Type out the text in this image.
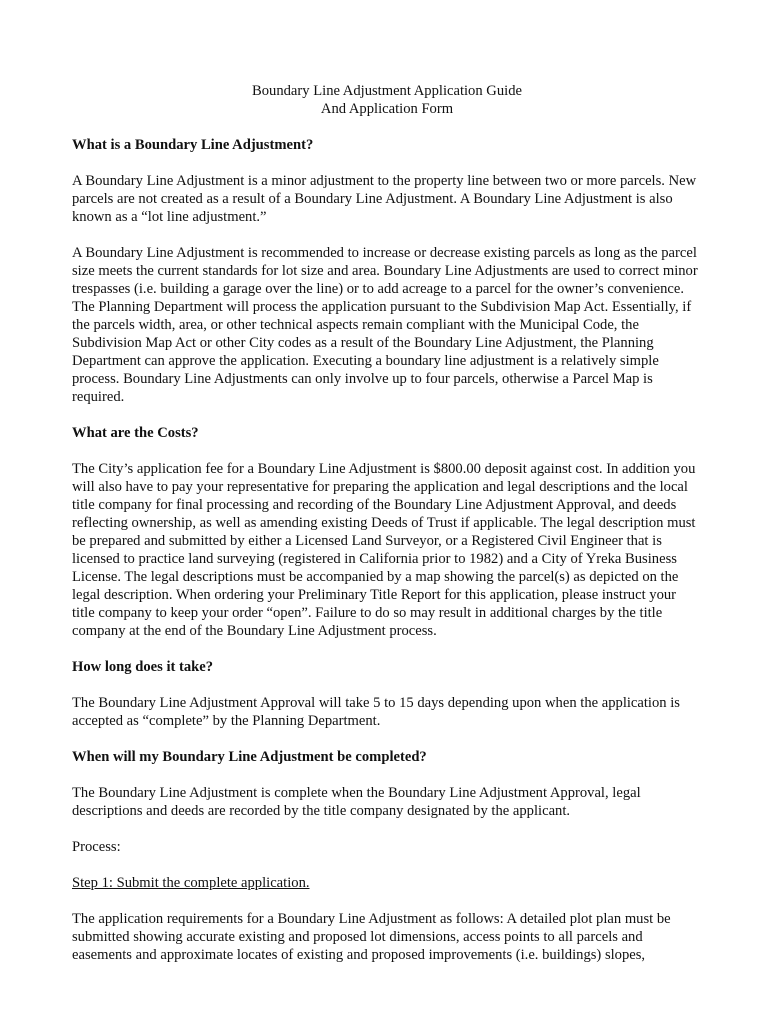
Boundary Line Adjustment Application Guide
And Application Form
What is a Boundary Line Adjustment?

A Boundary Line Adjustment is a minor adjustment to the property line between two or more parcels. New parcels are not created as a result of a Boundary Line Adjustment. A Boundary Line Adjustment is also known as a “lot line adjustment.”

A Boundary Line Adjustment is recommended to increase or decrease existing parcels as long as the parcel size meets the current standards for lot size and area. Boundary Line Adjustments are used to correct minor trespasses (i.e. building a garage over the line) or to add acreage to a parcel for the owner’s convenience. The Planning Department will process the application pursuant to the Subdivision Map Act. Essentially, if the parcels width, area, or other technical aspects remain compliant with the Municipal Code, the Subdivision Map Act or other City codes as a result of the Boundary Line Adjustment, the Planning Department can approve the application. Executing a boundary line adjustment is a relatively simple process. Boundary Line Adjustments can only involve up to four parcels, otherwise a Parcel Map is required.

What are the Costs?

The City’s application fee for a Boundary Line Adjustment is $800.00 deposit against cost. In addition you will also have to pay your representative for preparing the application and legal descriptions and the local title company for final processing and recording of the Boundary Line Adjustment Approval, and deeds reflecting ownership, as well as amending existing Deeds of Trust if applicable. The legal description must be prepared and submitted by either a Licensed Land Surveyor, or a Registered Civil Engineer that is licensed to practice land surveying (registered in California prior to 1982) and a City of Yreka Business License. The legal descriptions must be accompanied by a map showing the parcel(s) as depicted on the legal description. When ordering your Preliminary Title Report for this application, please instruct your title company to keep your order “open”. Failure to do so may result in additional charges by the title company at the end of the Boundary Line Adjustment process.

How long does it take?

The Boundary Line Adjustment Approval will take 5 to 15 days depending upon when the application is accepted as “complete” by the Planning Department.

When will my Boundary Line Adjustment be completed?

The Boundary Line Adjustment is complete when the Boundary Line Adjustment Approval, legal descriptions and deeds are recorded by the title company designated by the applicant.

Process:

Step 1: Submit the complete application.

The application requirements for a Boundary Line Adjustment as follows: A detailed plot plan must be submitted showing accurate existing and proposed lot dimensions, access points to all parcels and easements and approximate locates of existing and proposed improvements (i.e. buildings) slopes,
